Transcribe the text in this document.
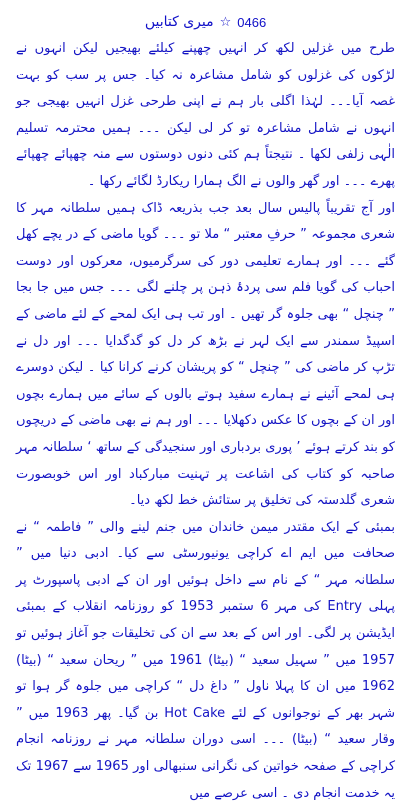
میری کتابیں ☆ 0466

طرح میں غزلیں لکھ کر انہیں چھپنے کیلئے بھیجیں لیکن انہوں نے لڑکوں کی غزلوں کو شامل مشاعرہ نہ کیا۔ جس پر سب کو بہت غصہ آیا۔۔۔ لہٰذا اگلی بار ہم نے اپنی طرحی غزل انہیں بھیجی جو انہوں نے شامل مشاعرہ تو کر لی لیکن ۔۔۔ ہمیں محترمہ تسلیم الٰہی زلفی لکھا ۔ نتیجتاً ہم کئی دنوں دوستوں سے منہ چھپائے چھپائے پھرے ۔۔۔ اور گھر والوں نے الگ ہمارا ریکارڈ لگائے رکھا ۔

اور آج تقریباً پالیس سال بعد جب بذریعہ ڈاک ہمیں سلطانہ مہر کا شعری مجموعہ ” حرفِ معتبر “ ملا تو ۔۔۔ گویا ماضی کے در یچے کھل گئے ۔۔۔ اور ہمارے تعلیمی دور کی سرگرمیوں، معرکوں اور دوست احباب کی گویا فلم سی پردۂ ذہن پر چلنے لگی ۔۔۔ جس میں جا بجا ” چنچل “ بھی جلوہ گر تھیں ۔ اور تب ہی ایک لمحے کے لئے ماضی کے اسپیڈ سمندر سے ایک لہر نے بڑھ کر دل کو گدگدایا ۔۔۔ اور دل نے تڑپ کر ماضی کی ” چنچل “ کو پریشان کرنے کرانا کیا ۔ لیکن دوسرے ہی لمحے آئینے نے ہمارے سفید ہوتے بالوں کے سائے میں ہمارے بچوں اور ان کے بچوں کا عکس دکھلایا ۔۔۔ اور ہم نے بھی ماضی کے دریچوں کو بند کرتے ہوئے ’ پوری بردباری اور سنجیدگی کے ساتھ ‘ سلطانہ مہر صاحبہ کو کتاب کی اشاعت پر تہنیت مبارکباد اور اس خوبصورت شعری گلدستہ کی تخلیق پر ستائش خط لکھ دیا۔

بمبئی کے ایک مقتدر میمن خاندان میں جنم لینے والی ” فاطمہ “ نے صحافت میں ایم اے کراچی یونیورسٹی سے کیا۔ ادبی دنیا میں ” سلطانہ مہر “ کے نام سے داخل ہوئیں اور ان کے ادبی پاسپورٹ پر پہلی Entry کی مہر 6 ستمبر 1953 کو روزنامہ انقلاب کے بمبئی ایڈیشن پر لگی۔ اور اس کے بعد سے ان کی تخلیقات جو آغاز ہوئیں تو 1957 میں ” سہیل سعید “ (بیٹا) 1961 میں ” ریحان سعید “ (بیٹا) 1962 میں ان کا پہلا ناول ” داغ دل “ کراچی میں جلوہ گر ہوا تو شہر بھر کے نوجوانوں کے لئے Hot Cake بن گیا۔ پھر 1963 میں ” وقار سعید “ (بیٹا) ۔۔۔ اسی دوران سلطانہ مہر نے روزنامہ انجام کراچی کے صفحہ خواتین کی نگرانی سنبھالی اور 1965 سے 1967 تک یہ خدمت انجام دی ۔ اسی عرصے میں
